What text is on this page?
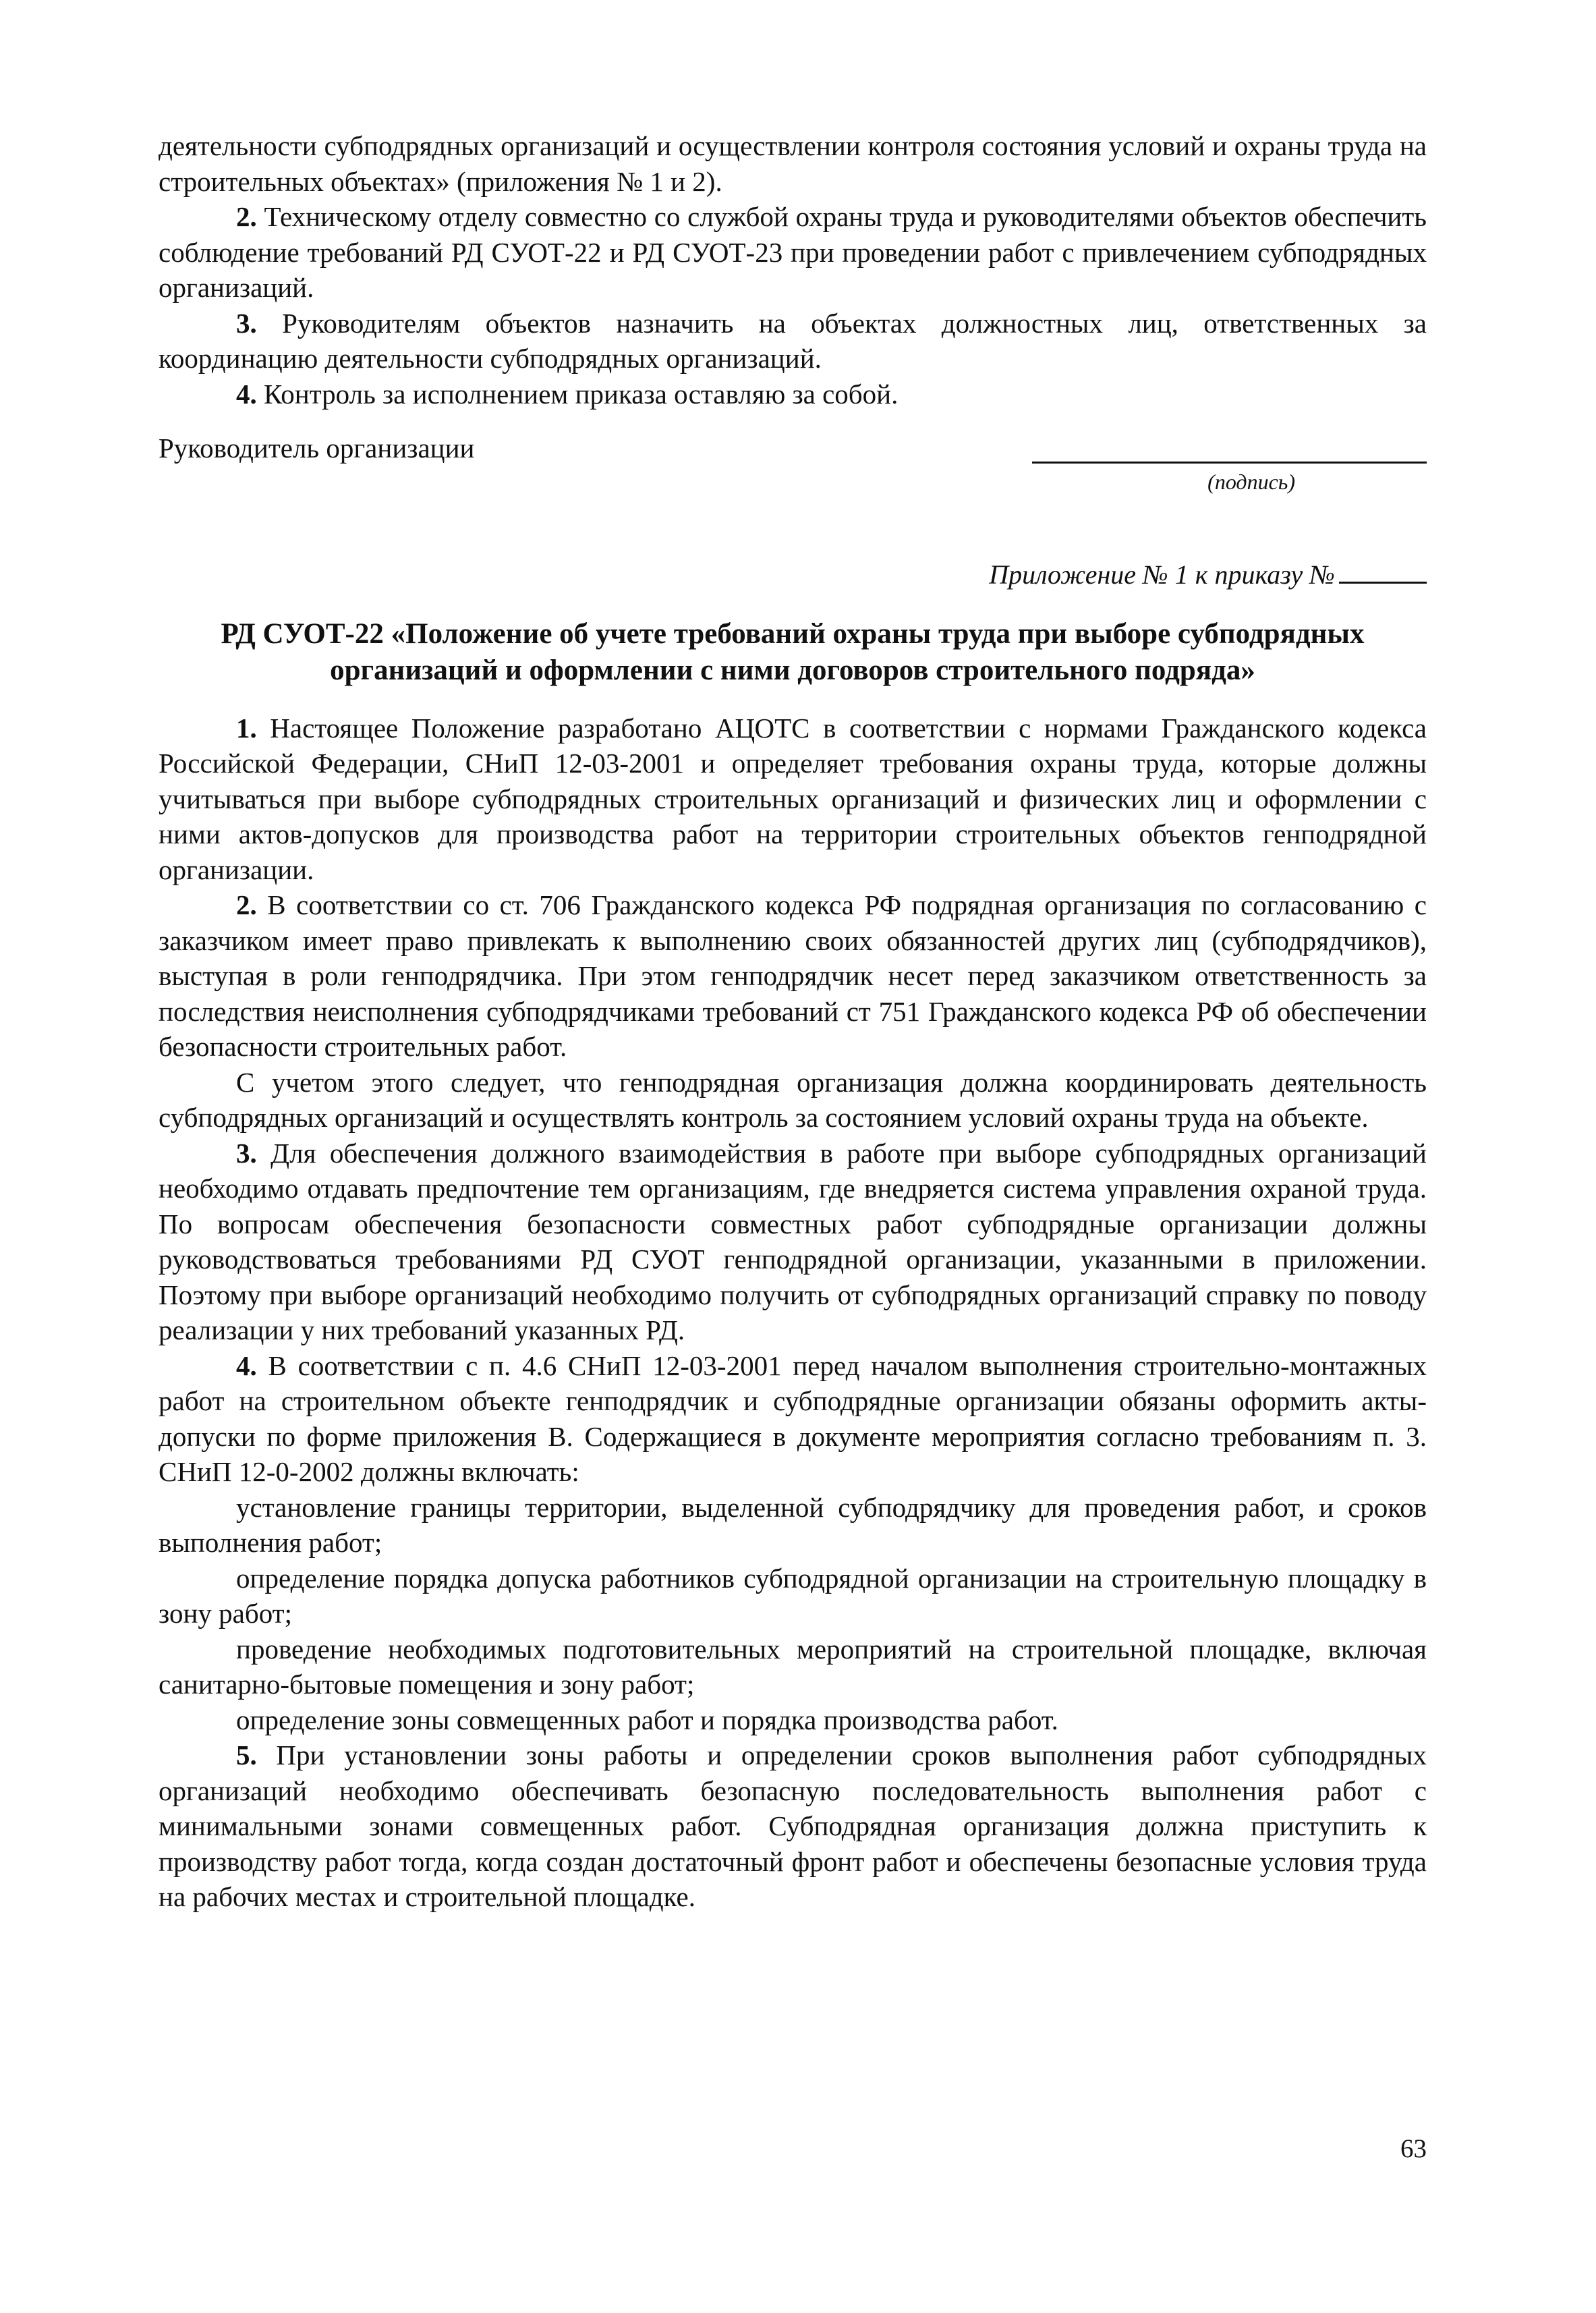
деятельности субподрядных организаций и осуществлении контроля состояния условий и охраны труда на строительных объектах» (приложения № 1 и 2).

2. Техническому отделу совместно со службой охраны труда и руководителями объектов обеспечить соблюдение требований РД СУОТ-22 и РД СУОТ-23 при проведении работ с привлечением субподрядных организаций.

3. Руководителям объектов назначить на объектах должностных лиц, ответственных за координацию деятельности субподрядных организаций.

4. Контроль за исполнением приказа оставляю за собой.

Руководитель организации
(подпись)

Приложение № 1 к приказу №

РД СУОТ-22 «Положение об учете требований охраны труда при выборе субподрядных организаций и оформлении с ними договоров строительного подряда»

1. Настоящее Положение разработано АЦОТС в соответствии с нормами Гражданского кодекса Российской Федерации, СНиП 12-03-2001 и определяет требования охраны труда, которые должны учитываться при выборе субподрядных строительных организаций и физических лиц и оформлении с ними актов-допусков для производства работ на территории строительных объектов генподрядной организации.

2. В соответствии со ст. 706 Гражданского кодекса РФ подрядная организация по согласованию с заказчиком имеет право привлекать к выполнению своих обязанностей других лиц (субподрядчиков), выступая в роли генподрядчика. При этом генподрядчик несет перед заказчиком ответственность за последствия неисполнения субподрядчиками требований ст 751 Гражданского кодекса РФ об обеспечении безопасности строительных работ.

С учетом этого следует, что генподрядная организация должна координировать деятельность субподрядных организаций и осуществлять контроль за состоянием условий охраны труда на объекте.

3. Для обеспечения должного взаимодействия в работе при выборе субподрядных организаций необходимо отдавать предпочтение тем организациям, где внедряется система управления охраной труда. По вопросам обеспечения безопасности совместных работ субподрядные организации должны руководствоваться требованиями РД СУОТ генподрядной организации, указанными в приложении. Поэтому при выборе организаций необходимо получить от субподрядных организаций справку по поводу реализации у них требований указанных РД.

4. В соответствии с п. 4.6 СНиП 12-03-2001 перед началом выполнения строительно-монтажных работ на строительном объекте генподрядчик и субподрядные организации обязаны оформить акты-допуски по форме приложения В. Содержащиеся в документе мероприятия согласно требованиям п. 3. СНиП 12-0-2002 должны включать:

установление границы территории, выделенной субподрядчику для проведения работ, и сроков выполнения работ;

определение порядка допуска работников субподрядной организации на строительную площадку в зону работ;

проведение необходимых подготовительных мероприятий на строительной площадке, включая санитарно-бытовые помещения и зону работ;

определение зоны совмещенных работ и порядка производства работ.

5. При установлении зоны работы и определении сроков выполнения работ субподрядных организаций необходимо обеспечивать безопасную последовательность выполнения работ с минимальными зонами совмещенных работ. Субподрядная организация должна приступить к производству работ тогда, когда создан достаточный фронт работ и обеспечены безопасные условия труда на рабочих местах и строительной площадке.

63
